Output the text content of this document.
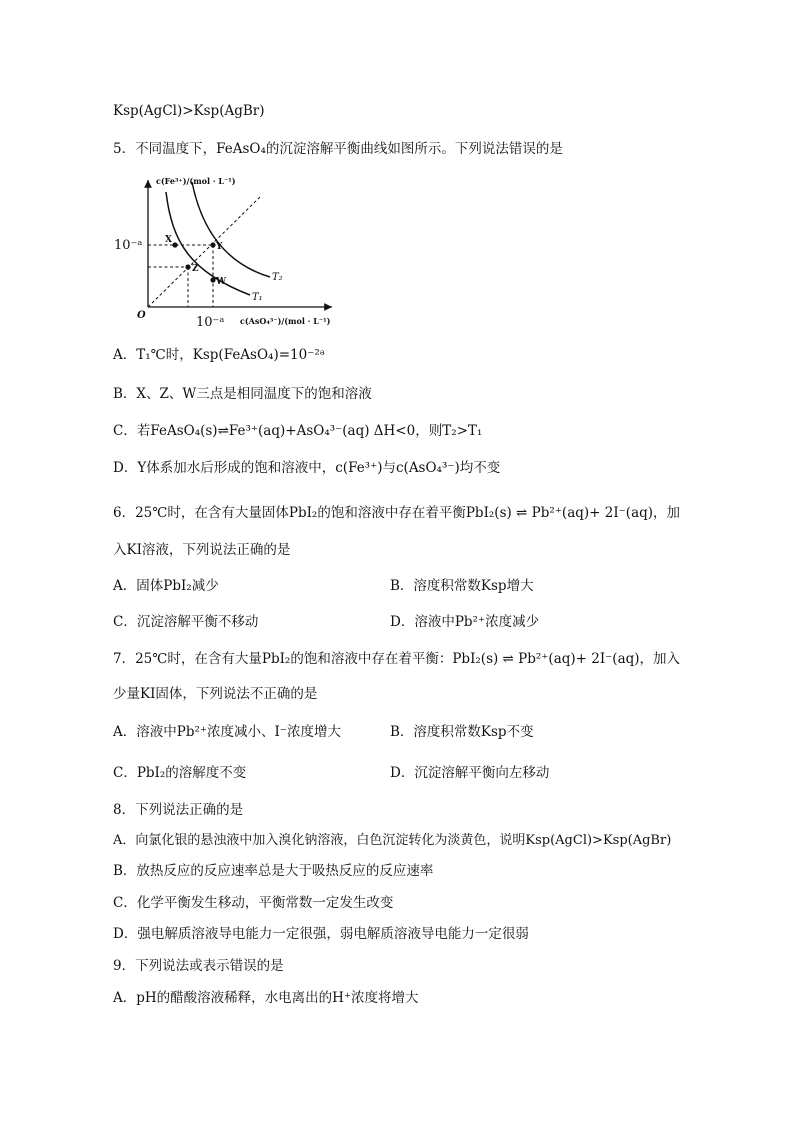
Ksp(AgCl)>Ksp(AgBr)
5．不同温度下，FeAsO₄的沉淀溶解平衡曲线如图所示。下列说法错误的是
c(Fe³⁺)/(mol · L⁻¹)
c(AsO₄³⁻)/(mol · L⁻¹)
O
10⁻ᵃ
10⁻ᵃ
X
Y
Z
W	T₂
T₁
A．T₁℃时，Ksp(FeAsO₄)=10⁻²ᵃ
B．X、Z、W三点是相同温度下的饱和溶液
C．若FeAsO₄(s)⇌Fe³⁺(aq)+AsO₄³⁻(aq) ΔH<0，则T₂>T₁
D．Y体系加水后形成的饱和溶液中，c(Fe³⁺)与c(AsO₄³⁻)均不变
6．25℃时，在含有大量固体PbI₂的饱和溶液中存在着平衡PbI₂(s) ⇌ Pb²⁺(aq)+ 2I⁻(aq)，加
入KI溶液，下列说法正确的是
A．固体PbI₂减少	B．溶度积常数Ksp增大
C．沉淀溶解平衡不移动	D．溶液中Pb²⁺浓度减少
7．25℃时，在含有大量PbI₂的饱和溶液中存在着平衡：PbI₂(s) ⇌ Pb²⁺(aq)+ 2I⁻(aq)，加入
少量KI固体，下列说法不正确的是
A．溶液中Pb²⁺浓度减小、I⁻浓度增大	B．溶度积常数Ksp不变
C．PbI₂的溶解度不变	D．沉淀溶解平衡向左移动
8．下列说法正确的是
A．向氯化银的悬浊液中加入溴化钠溶液，白色沉淀转化为淡黄色，说明Ksp(AgCl)>Ksp(AgBr)
B．放热反应的反应速率总是大于吸热反应的反应速率
C．化学平衡发生移动，平衡常数一定发生改变
D．强电解质溶液导电能力一定很强，弱电解质溶液导电能力一定很弱
9．下列说法或表示错误的是
A．pH的醋酸溶液稀释，水电离出的H⁺浓度将增大
